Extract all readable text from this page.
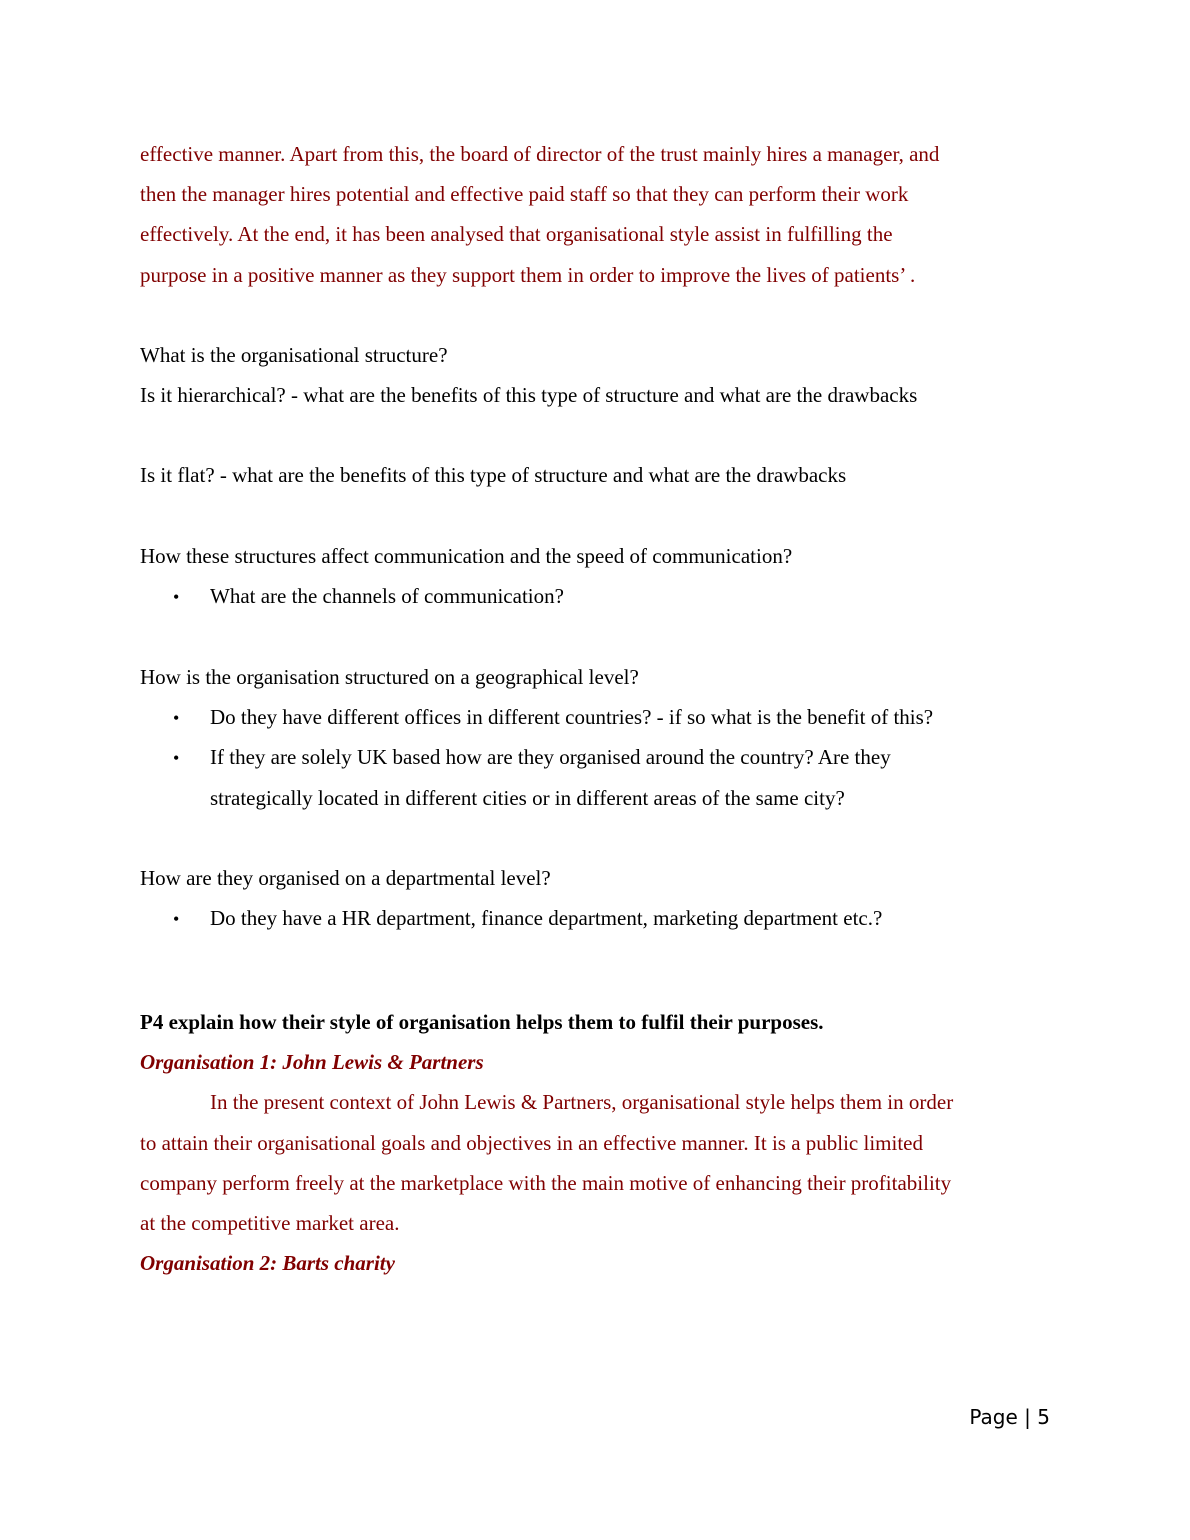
effective manner. Apart from this, the board of director of the trust mainly hires a manager, and
then the manager hires potential and effective paid staff so that they can perform their work
effectively. At the end, it has been analysed that organisational style assist in fulfilling the
purpose in a positive manner as they support them in order to improve the lives of patients’ .
What is the organisational structure?
Is it hierarchical? - what are the benefits of this type of structure and what are the drawbacks
Is it flat? - what are the benefits of this type of structure and what are the drawbacks
How these structures affect communication and the speed of communication?
• What are the channels of communication?
How is the organisation structured on a geographical level?
• Do they have different offices in different countries? - if so what is the benefit of this?
• If they are solely UK based how are they organised around the country? Are they
strategically located in different cities or in different areas of the same city?
How are they organised on a departmental level?
• Do they have a HR department, finance department, marketing department etc.?
P4 explain how their style of organisation helps them to fulfil their purposes.
Organisation 1: John Lewis & Partners
In the present context of John Lewis & Partners, organisational style helps them in order
to attain their organisational goals and objectives in an effective manner. It is a public limited
company perform freely at the marketplace with the main motive of enhancing their profitability
at the competitive market area.
Organisation 2: Barts charity
Page | 5
